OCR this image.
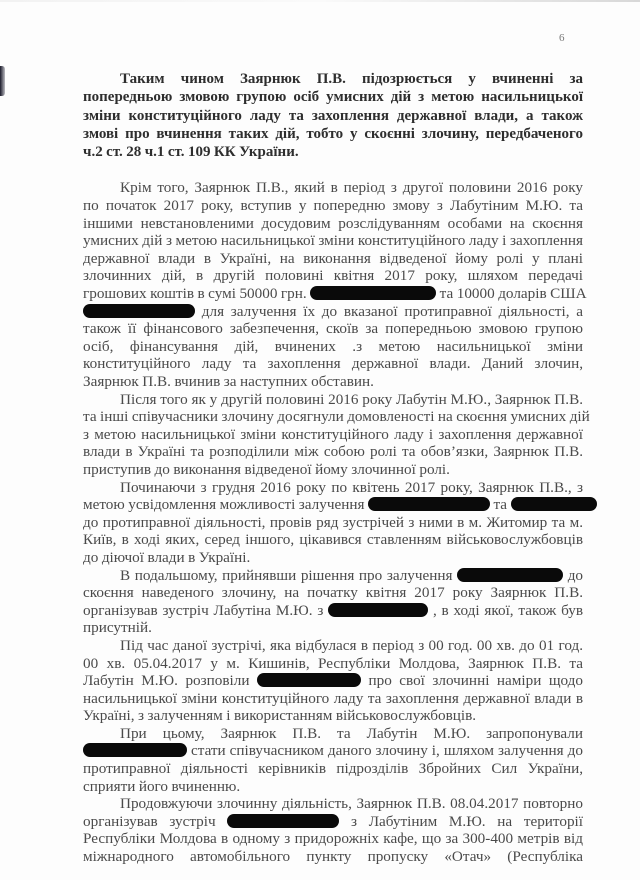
6
Таким чином Заярнюк П.В. підозрюється у вчиненні за
попередньою змовою групою осіб умисних дій з метою насильницької
зміни конституційного ладу та захоплення державної влади, а також
змові про вчинення таких дій, тобто у скоєнні злочину, передбаченого
ч.2 ст. 28 ч.1 ст. 109 КК України.
Крім того, Заярнюк П.В., який в період з другої половини 2016 року
по початок 2017 року, вступив у попередню змову з Лабутіним М.Ю. та
іншими невстановленими досудовим розслідуванням особами на скоєння
умисних дій з метою насильницької зміни конституційного ладу і захоплення
державної влади в Україні, на виконання відведеної йому ролі у плані
злочинних дій, в другій половині квітня 2017 року, шляхом передачі
грошових коштів в сумі 50000 грн.	та 10000 доларів США
для залучення їх до вказаної протиправної діяльності, а
також її фінансового забезпечення, скоїв за попередньою змовою групою
осіб, фінансування дій, вчинених .з метою насильницької зміни
конституційного ладу та захоплення державної влади. Даний злочин,
Заярнюк П.В. вчинив за наступних обставин.
Після того як у другій половині 2016 року Лабутін М.Ю., Заярнюк П.В.
та інші співучасники злочину досягнули домовленості на скоєння умисних дій
з метою насильницької зміни конституційного ладу і захоплення державної
влади в Україні та розподілили між собою ролі та обов’язки, Заярнюк П.В.
приступив до виконання відведеної йому злочинної ролі.
Починаючи з грудня 2016 року по квітень 2017 року, Заярнюк П.В., з
метою усвідомлення можливості залучення	та
до протиправної діяльності, провів ряд зустрічей з ними в м. Житомир та м.
Київ, в ході яких, серед іншого, цікавився ставленням військовослужбовців
до діючої влади в Україні.
В подальшому, прийнявши рішення про залучення	до
скоєння наведеного злочину, на початку квітня 2017 року Заярнюк П.В.
організував зустріч Лабутіна М.Ю. з	, в ході якої, також був
присутній.
Під час даної зустрічі, яка відбулася в період з 00 год. 00 хв. до 01 год.
00 хв. 05.04.2017 у м. Кишинів, Республіки Молдова, Заярнюк П.В. та
Лабутін М.Ю. розповіли	про свої злочинні наміри щодо
насильницької зміни конституційного ладу та захоплення державної влади в
Україні, з залученням і використанням військовослужбовців.
При цьому, Заярнюк П.В. та Лабутін М.Ю. запропонували
стати співучасником даного злочину і, шляхом залучення до
протиправної діяльності керівників підрозділів Збройних Сил України,
сприяти його вчиненню.
Продовжуючи злочинну діяльність, Заярнюк П.В. 08.04.2017 повторно
організував зустріч	з Лабутіним М.Ю. на території
Республіки Молдова в одному з придорожніх кафе, що за 300-400 метрів від
міжнародного автомобільного пункту пропуску «Отач» (Республіка
